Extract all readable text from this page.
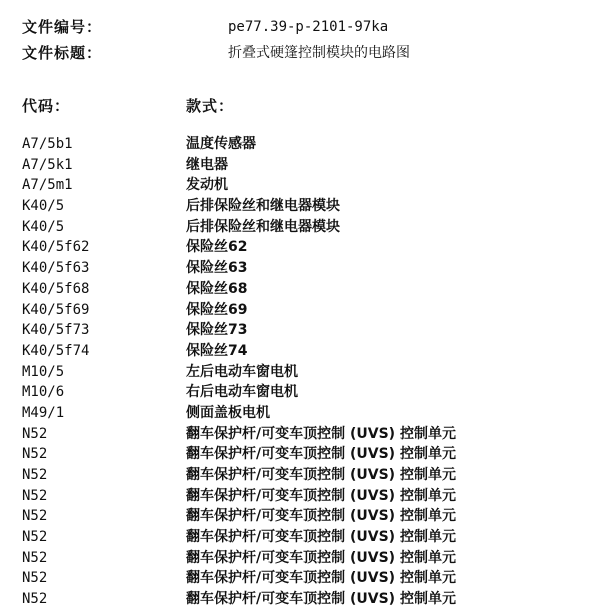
文件编号：	pe77.39-p-2101-97ka
文件标题：	折叠式硬篷控制模块的电路图
代码：	款式：
A7/5b1	温度传感器
A7/5k1	继电器
A7/5m1	发动机
K40/5	后排保险丝和继电器模块
K40/5	后排保险丝和继电器模块
K40/5f62	保险丝62
K40/5f63	保险丝63
K40/5f68	保险丝68
K40/5f69	保险丝69
K40/5f73	保险丝73
K40/5f74	保险丝74
M10/5	左后电动车窗电机
M10/6	右后电动车窗电机
M49/1	侧面盖板电机
N52	翻车保护杆/可变车顶控制 (UVS) 控制单元
N52	翻车保护杆/可变车顶控制 (UVS) 控制单元
N52	翻车保护杆/可变车顶控制 (UVS) 控制单元
N52	翻车保护杆/可变车顶控制 (UVS) 控制单元
N52	翻车保护杆/可变车顶控制 (UVS) 控制单元
N52	翻车保护杆/可变车顶控制 (UVS) 控制单元
N52	翻车保护杆/可变车顶控制 (UVS) 控制单元
N52	翻车保护杆/可变车顶控制 (UVS) 控制单元
N52	翻车保护杆/可变车顶控制 (UVS) 控制单元
